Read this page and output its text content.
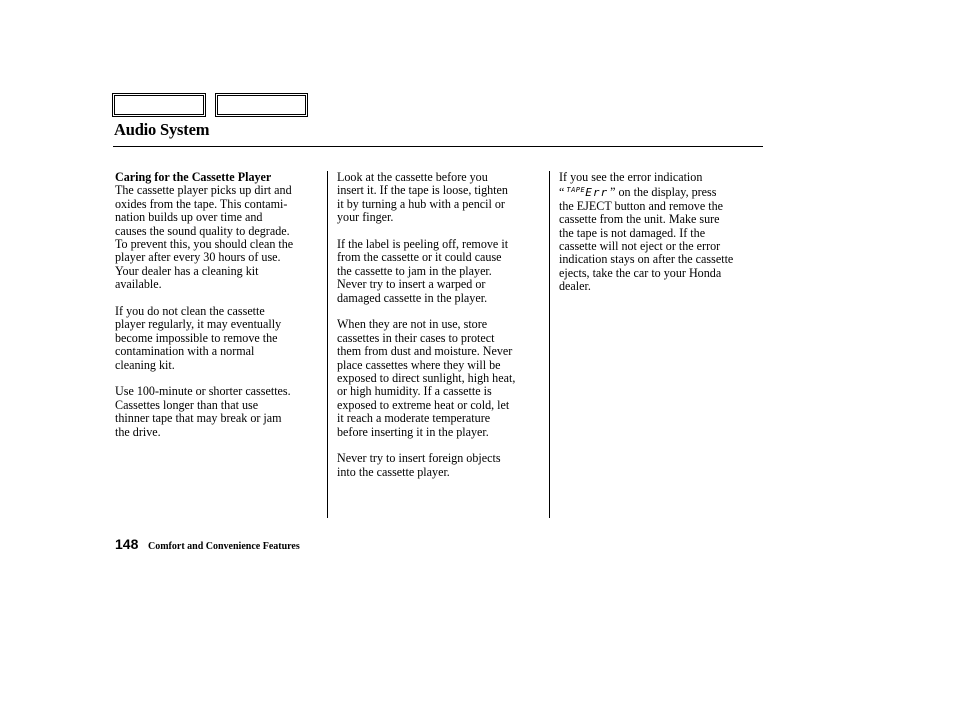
Audio System
Caring for the Cassette Player

The cassette player picks up dirt and
oxides from the tape. This contami-
nation builds up over time and
causes the sound quality to degrade.
To prevent this, you should clean the
player after every 30 hours of use.
Your dealer has a cleaning kit
available.

If you do not clean the cassette
player regularly, it may eventually
become impossible to remove the
contamination with a normal
cleaning kit.

Use 100-minute or shorter cassettes.
Cassettes longer than that use
thinner tape that may break or jam
the drive.

Look at the cassette before you
insert it. If the tape is loose, tighten
it by turning a hub with a pencil or
your finger.

If the label is peeling off, remove it
from the cassette or it could cause
the cassette to jam in the player.
Never try to insert a warped or
damaged cassette in the player.

When they are not in use, store
cassettes in their cases to protect
them from dust and moisture. Never
place cassettes where they will be
exposed to direct sunlight, high heat,
or high humidity. If a cassette is
exposed to extreme heat or cold, let
it reach a moderate temperature
before inserting it in the player.

Never try to insert foreign objects
into the cassette player.

If you see the error indication
“ $^{TAPE}$Err ” on the display, press
the EJECT button and remove the
cassette from the unit. Make sure
the tape is not damaged. If the
cassette will not eject or the error
indication stays on after the cassette
ejects, take the car to your Honda
dealer.

148 Comfort and Convenience Features
